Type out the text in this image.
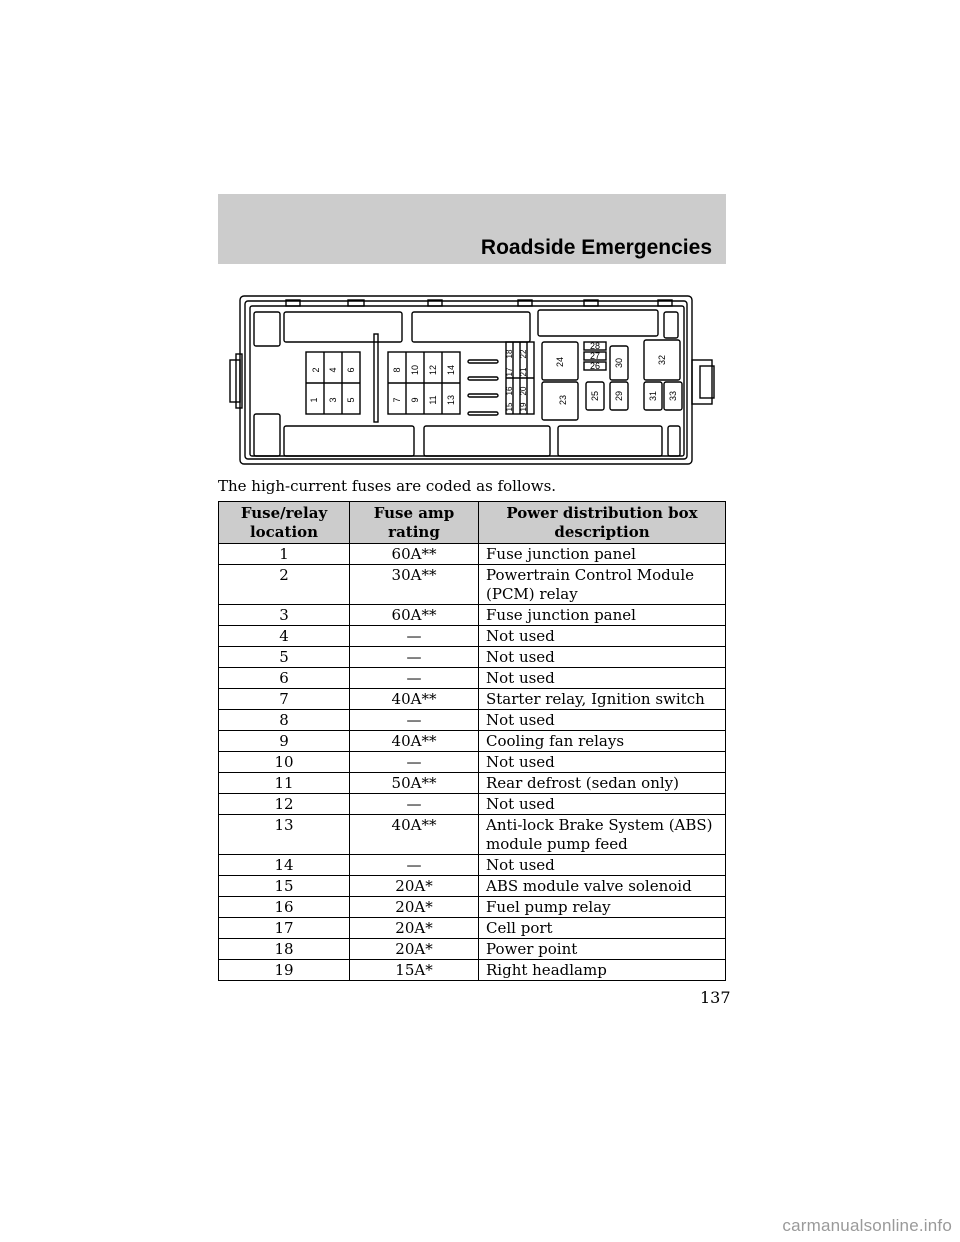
Roadside Emergencies
1
2
3
4
5
6
7
8
9
10
11
12
13
14
15
16
17
18
19
20
21
22
24
23
28
27
26
25
30
29
32
31 33
The high-current fuses are coded as follows.
Fuse/relay location	Fuse amp rating	Power distribution box description
1	60A**	Fuse junction panel
2	30A**	Powertrain Control Module (PCM) relay
3	60A**	Fuse junction panel
4	—	Not used
5	—	Not used
6	—	Not used
7	40A**	Starter relay, Ignition switch
8	—	Not used
9	40A**	Cooling fan relays
10	—	Not used
11	50A**	Rear defrost (sedan only)
12	—	Not used
13	40A**	Anti-lock Brake System (ABS) module pump feed
14	—	Not used
15	20A*	ABS module valve solenoid
16	20A*	Fuel pump relay
17	20A*	Cell port
18	20A*	Power point
19	15A*	Right headlamp
137
carmanualsonline.info
